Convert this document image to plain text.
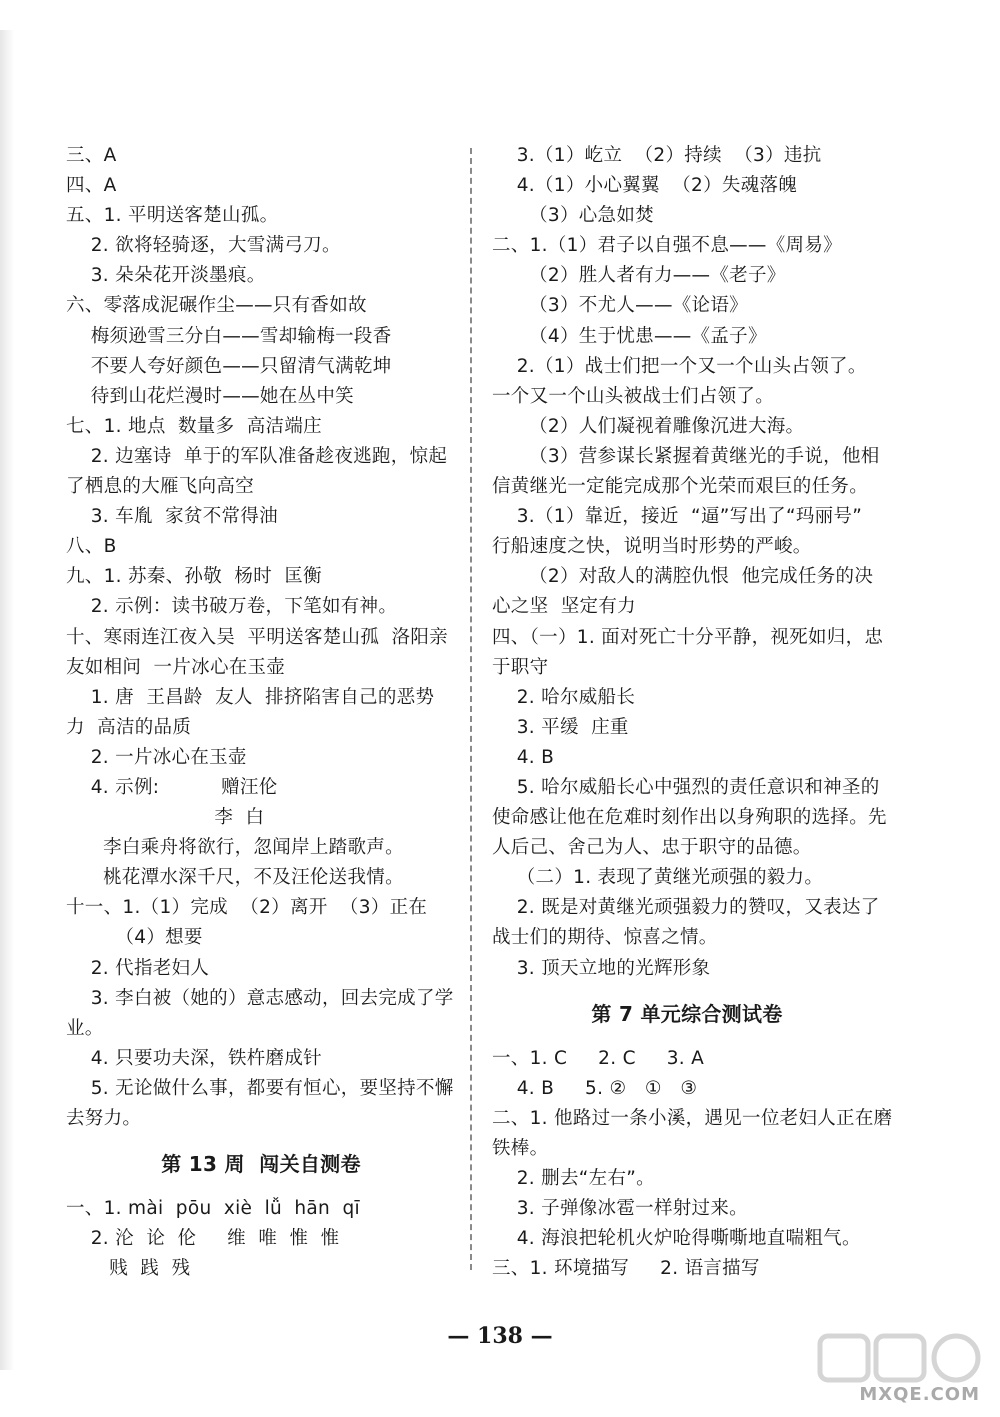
三、A
四、A
五、1. 平明送客楚山孤。
2. 欲将轻骑逐，大雪满弓刀。
3. 朵朵花开淡墨痕。
六、零落成泥碾作尘——只有香如故
梅须逊雪三分白——雪却输梅一段香
不要人夸好颜色——只留清气满乾坤
待到山花烂漫时——她在丛中笑
七、1. 地点  数量多  高洁端庄
2. 边塞诗  单于的军队准备趁夜逃跑，惊起
了栖息的大雁飞向高空
3. 车胤  家贫不常得油
八、B
九、1. 苏秦、孙敬  杨时  匡衡
2. 示例：读书破万卷，下笔如有神。
十、寒雨连江夜入吴  平明送客楚山孤  洛阳亲
友如相问  一片冰心在玉壶
1. 唐  王昌龄  友人  排挤陷害自己的恶势
力  高洁的品质
2. 一片冰心在玉壶
4. 示例:          赠汪伦
李  白
李白乘舟将欲行，忽闻岸上踏歌声。
桃花潭水深千尺，不及汪伦送我情。
十一、1.（1）完成  （2）离开  （3）正在
（4）想要
2. 代指老妇人
3. 李白被（她的）意志感动，回去完成了学
业。
4. 只要功夫深，铁杵磨成针
5. 无论做什么事，都要有恒心，要坚持不懈
去努力。
第 13 周  闯关自测卷
一、1. mài  pōu  xiè  lǚ  hān  qī
2. 沦  论  伦     维  唯  惟  惟
贱  践  残
3.（1）屹立  （2）持续  （3）违抗
4.（1）小心翼翼  （2）失魂落魄
（3）心急如焚
二、1.（1）君子以自强不息——《周易》
（2）胜人者有力——《老子》
（3）不尤人——《论语》
（4）生于忧患——《孟子》
2.（1）战士们把一个又一个山头占领了。
一个又一个山头被战士们占领了。
（2）人们凝视着雕像沉进大海。
（3）营参谋长紧握着黄继光的手说，他相
信黄继光一定能完成那个光荣而艰巨的任务。
3.（1）靠近，接近  “逼”写出了“玛丽号”
行船速度之快，说明当时形势的严峻。
（2）对敌人的满腔仇恨  他完成任务的决
心之坚  坚定有力
四、（一）1. 面对死亡十分平静，视死如归，忠
于职守
2. 哈尔威船长
3. 平缓  庄重
4. B
5. 哈尔威船长心中强烈的责任意识和神圣的
使命感让他在危难时刻作出以身殉职的选择。先
人后己、舍己为人、忠于职守的品德。
（二）1. 表现了黄继光顽强的毅力。
2. 既是对黄继光顽强毅力的赞叹，又表达了
战士们的期待、惊喜之情。
3. 顶天立地的光辉形象
第 7 单元综合测试卷
一、1. C     2. C     3. A
4. B     5. ②   ①   ③
二、1. 他路过一条小溪，遇见一位老妇人正在磨
铁棒。
2. 删去“左右”。
3. 子弹像冰雹一样射过来。
4. 海浪把轮机火炉呛得嘶嘶地直喘粗气。
三、1. 环境描写     2. 语言描写
— 138 —
MXQE.COM
